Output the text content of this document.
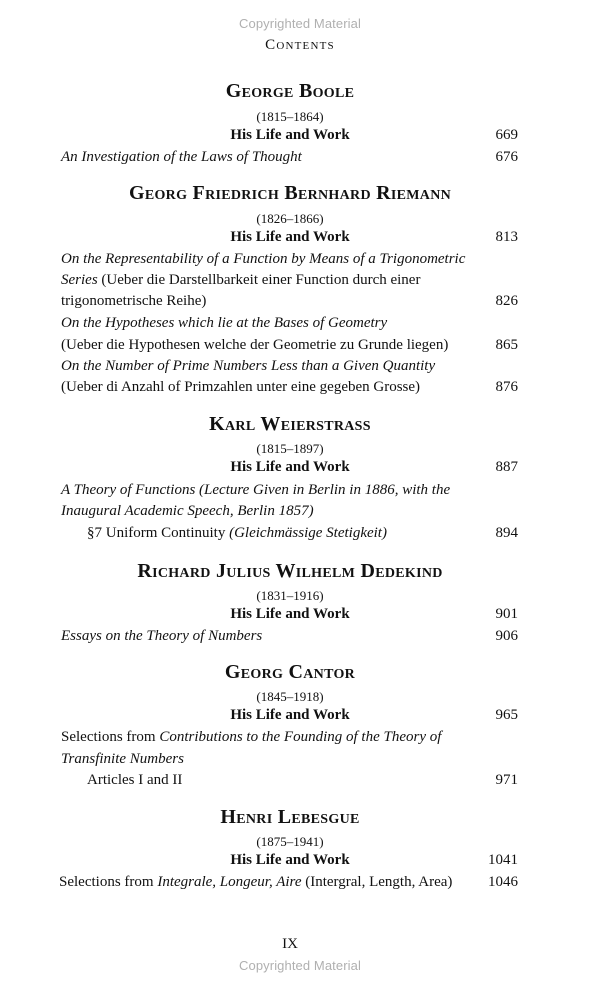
Copyrighted Material
Contents
George Boole
(1815–1864)
His Life and Work	669
An Investigation of the Laws of Thought	676
Georg Friedrich Bernhard Riemann
(1826–1866)
His Life and Work	813
On the Representability of a Function by Means of a Trigonometric
Series (Ueber die Darstellbarkeit einer Function durch einer
trigonometrische Reihe)	826
On the Hypotheses which lie at the Bases of Geometry
(Ueber die Hypothesen welche der Geometrie zu Grunde liegen)	865
On the Number of Prime Numbers Less than a Given Quantity
(Ueber di Anzahl of Primzahlen unter eine gegeben Grosse)	876
Karl Weierstrass
(1815–1897)
His Life and Work	887
A Theory of Functions (Lecture Given in Berlin in 1886, with the
Inaugural Academic Speech, Berlin 1857)
§7 Uniform Continuity (Gleichmässige Stetigkeit)	894
Richard Julius Wilhelm Dedekind
(1831–1916)
His Life and Work	901
Essays on the Theory of Numbers	906
Georg Cantor
(1845–1918)
His Life and Work	965
Selections from Contributions to the Founding of the Theory of
Transfinite Numbers
Articles I and II	971
Henri Lebesgue
(1875–1941)
His Life and Work	1041
Selections from Integrale, Longeur, Aire (Intergral, Length, Area)	1046
IX
Copyrighted Material
